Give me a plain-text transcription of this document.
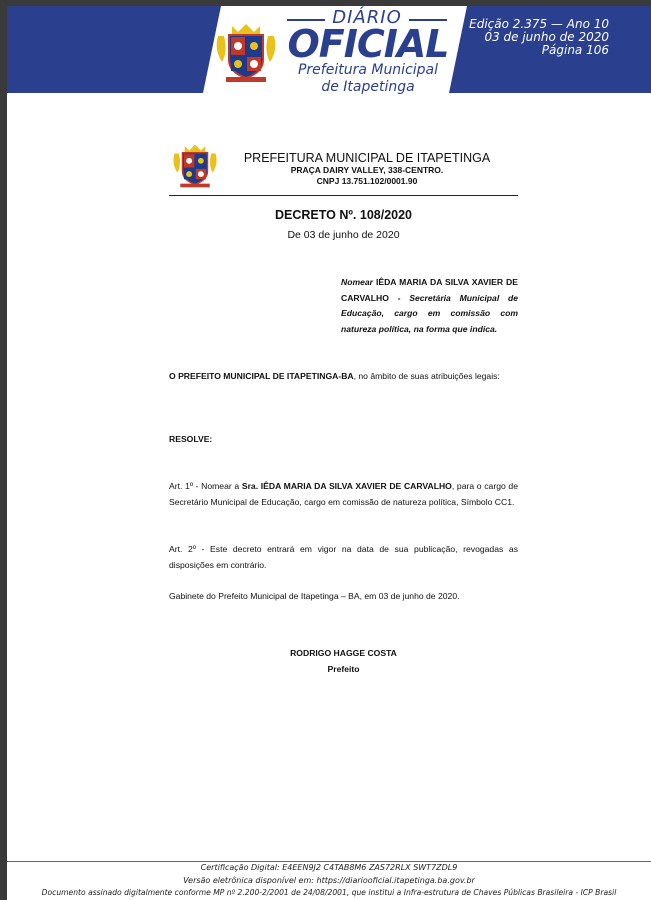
DIÁRIO
OFICIAL
Prefeitura Municipal
de Itapetinga
Edição 2.375 — Ano 10
03 de junho de 2020
Página 106
PREFEITURA MUNICIPAL DE ITAPETINGA
PRAÇA DAIRY VALLEY, 338-CENTRO.
CNPJ 13.751.102/0001.90
DECRETO Nº. 108/2020
De 03 de junho de 2020
Nomear IÊDA MARIA DA SILVA XAVIER DE CARVALHO - Secretária Municipal de Educação, cargo em comissão com natureza política, na forma que indica.
O PREFEITO MUNICIPAL DE ITAPETINGA-BA, no âmbito de suas atribuições legais:
RESOLVE:
Art. 1º - Nomear a Sra. IÊDA MARIA DA SILVA XAVIER DE CARVALHO, para o cargo de Secretário Municipal de Educação, cargo em comissão de natureza política, Símbolo CC1.
Art. 2º - Este decreto entrará em vigor na data de sua publicação, revogadas as disposições em contrário.
Gabinete do Prefeito Municipal de Itapetinga – BA, em 03 de junho de 2020.
RODRIGO HAGGE COSTA
Prefeito
Certificação Digital: E4EEN9J2 C4TAB8M6 ZAS72RLX SWT7ZDL9
Versão eletrônica disponível em: https://diariooficial.itapetinga.ba.gov.br
Documento assinado digitalmente conforme MP nº 2.200-2/2001 de 24/08/2001, que institui a Infra-estrutura de Chaves Públicas Brasileira - ICP Brasil
